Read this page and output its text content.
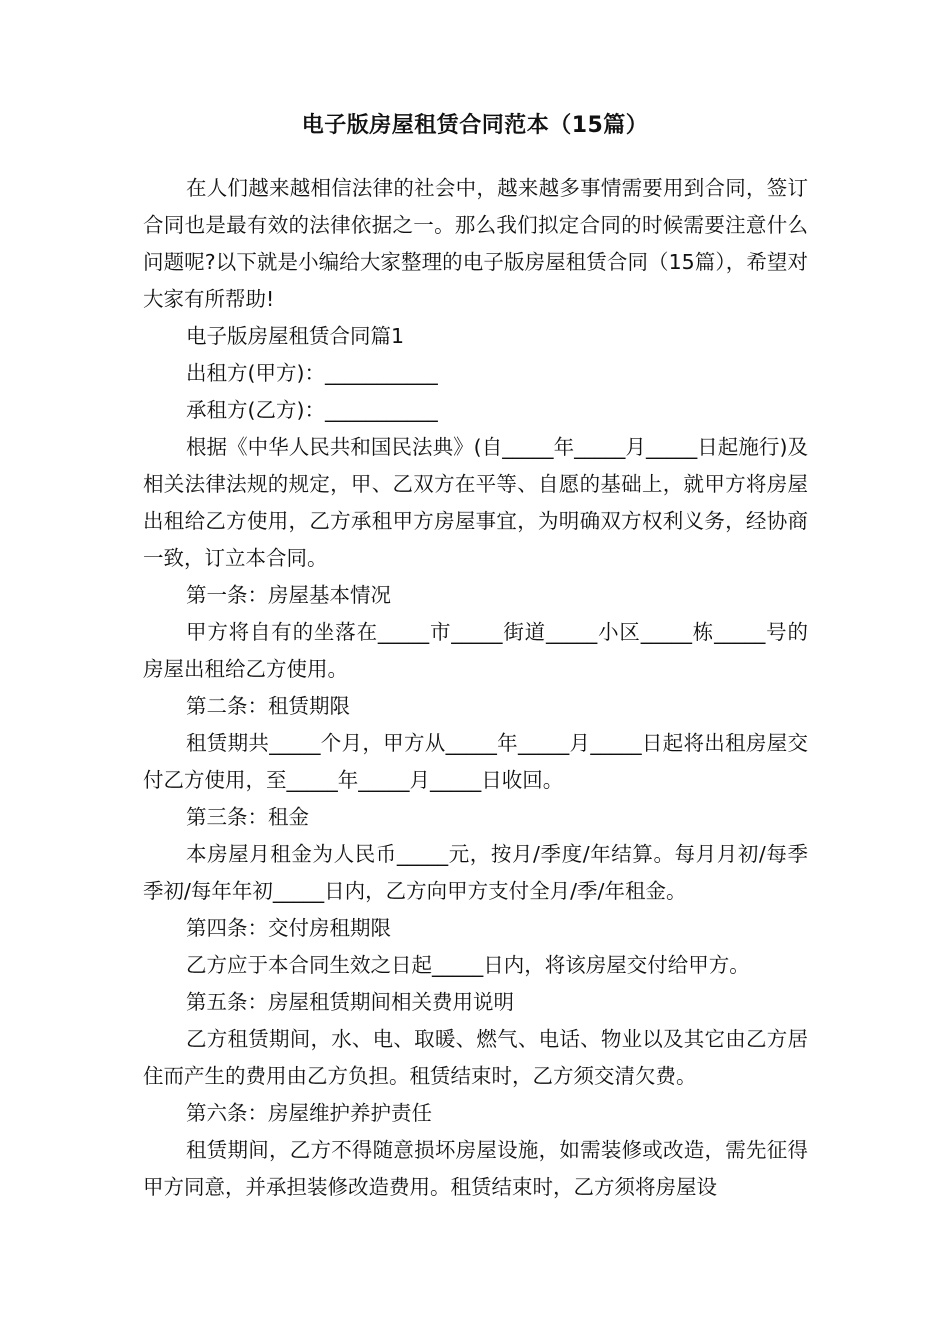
电子版房屋租赁合同范本（15篇）

在人们越来越相信法律的社会中，越来越多事情需要用到合同，签订合同也是最有效的法律依据之一。那么我们拟定合同的时候需要注意什么问题呢?以下就是小编给大家整理的电子版房屋租赁合同（15篇），希望对大家有所帮助!

电子版房屋租赁合同篇1

出租方(甲方)：___________

承租方(乙方)：___________

根据《中华人民共和国民法典》(自_____年_____月_____日起施行)及相关法律法规的规定，甲、乙双方在平等、自愿的基础上，就甲方将房屋出租给乙方使用，乙方承租甲方房屋事宜，为明确双方权利义务，经协商一致，订立本合同。

第一条：房屋基本情况

甲方将自有的坐落在_____市_____街道_____小区_____栋_____号的房屋出租给乙方使用。

第二条：租赁期限

租赁期共_____个月，甲方从_____年_____月_____日起将出租房屋交付乙方使用，至_____年_____月_____日收回。

第三条：租金

本房屋月租金为人民币_____元，按月/季度/年结算。每月月初/每季季初/每年年初_____日内，乙方向甲方支付全月/季/年租金。

第四条：交付房租期限

乙方应于本合同生效之日起_____日内，将该房屋交付给甲方。

第五条：房屋租赁期间相关费用说明

乙方租赁期间，水、电、取暖、燃气、电话、物业以及其它由乙方居住而产生的费用由乙方负担。租赁结束时，乙方须交清欠费。

第六条：房屋维护养护责任

租赁期间，乙方不得随意损坏房屋设施，如需装修或改造，需先征得甲方同意，并承担装修改造费用。租赁结束时，乙方须将房屋设
